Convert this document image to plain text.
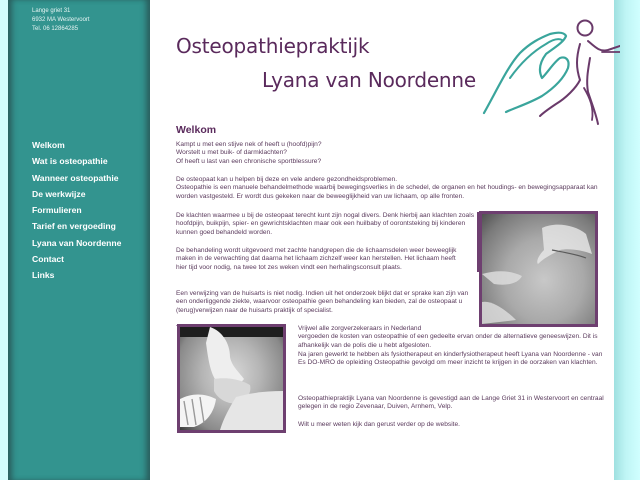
Lange griet 31
6932 MA Westervoort
Tel. 06 12864285
Welkom
Wat is osteopathie
Wanneer osteopathie
De werkwijze
Formulieren
Tarief en vergoeding
Lyana van Noordenne
Contact
Links
Osteopathiepraktijk
Lyana van Noordenne
Welkom

Kampt u met een stijve nek of heeft u (hoofd)pijn?
Worstelt u met buik- of darmklachten?
Of heeft u last van een chronische sportblessure?

De osteopaat kan u helpen bij deze en vele andere gezondheidsproblemen.
Osteopathie is een manuele behandelmethode waarbij bewegingsverlies in de schedel, de organen en het houdings- en bewegingsapparaat kan worden vastgesteld. Er wordt dus gekeken naar de beweeglijkheid van uw lichaam, op alle fronten.

De klachten waarmee u bij de osteopaat terecht kunt zijn nogal divers. Denk hierbij aan klachten zoals hoofdpijn, buikpijn, spier- en gewrichtsklachten maar ook een huilbaby of oorontsteking bij kinderen kunnen goed behandeld worden.

De behandeling wordt uitgevoerd met zachte handgrepen die de lichaamsdelen weer beweeglijk maken in de verwachting dat daarna het lichaam zichzelf weer kan herstellen. Het lichaam heeft hier tijd voor nodig, na twee tot zes weken vindt een herhalingsconsult plaats.

Een verwijzing van de huisarts is niet nodig. Indien uit het onderzoek blijkt dat er sprake kan zijn van een onderliggende ziekte, waarvoor osteopathie geen behandeling kan bieden, zal de osteopaat u (terug)verwijzen naar de huisarts praktijk of specialist.

Vrijwel alle zorgverzekeraars in Nederland
vergoeden de kosten van osteopathie of een gedeelte ervan onder de alternatieve geneeswijzen. Dit is afhankelijk van de polis die u hebt afgesloten.

Na jaren gewerkt te hebben als fysiotherapeut en kinderfysiotherapeut heeft Lyana van Noordenne - van Es DO-MRO de opleiding Osteopathie gevolgd om meer inzicht te krijgen in de oorzaken van klachten.

Osteopathiepraktijk Lyana van Noordenne is gevestigd aan de Lange Griet 31 in Westervoort en centraal gelegen in de regio Zevenaar, Duiven, Arnhem, Velp.

Wilt u meer weten kijk dan gerust verder op de website.
